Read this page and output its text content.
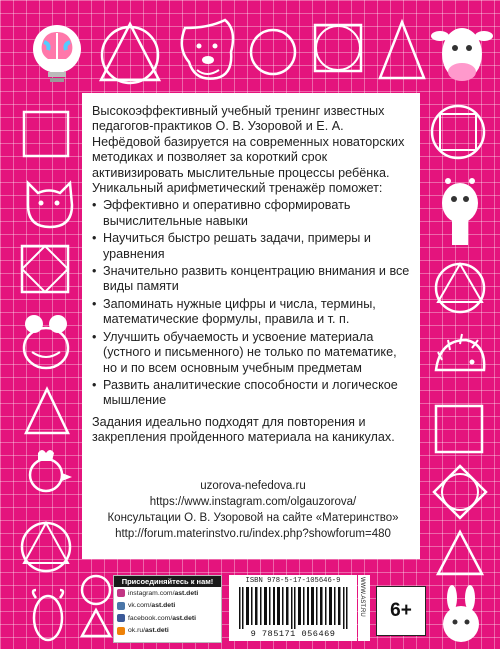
Высокоэффективный учебный тренинг известных педагогов-практиков О. В. Узоровой и Е. А. Нефёдовой базируется на современных новаторских методиках и позволяет за короткий срок активизировать мыслительные процессы ребёнка.

Уникальный арифметический тренажёр поможет:

• Эффективно и оперативно сформировать вычислительные навыки
• Научиться быстро решать задачи, примеры и уравнения
• Значительно развить концентрацию внимания и все виды памяти
• Запоминать нужные цифры и числа, термины, математические формулы, правила и т. п.
• Улучшить обучаемость и усвоение материала (устного и письменного) не только по математике, но и по всем основным учебным предметам
• Развить аналитические способности и логическое мышление

Задания идеально подходят для повторения и закрепления пройденного материала на каникулах.

uzorova-nefedova.ru
https://www.instagram.com/olgauzorova/
Консультации О. В. Узоровой на сайте «Материнство»
http://forum.materinstvo.ru/index.php?showforum=480
Присоединяйтесь к нам!
instagram.com/ ast.deti
vk.com/ ast.deti
facebook.com/ ast.deti
ok.ru/ ast.deti
ISBN 978-5-17-105646-9
9 785171 056469
WWW.AST.RU	6+
